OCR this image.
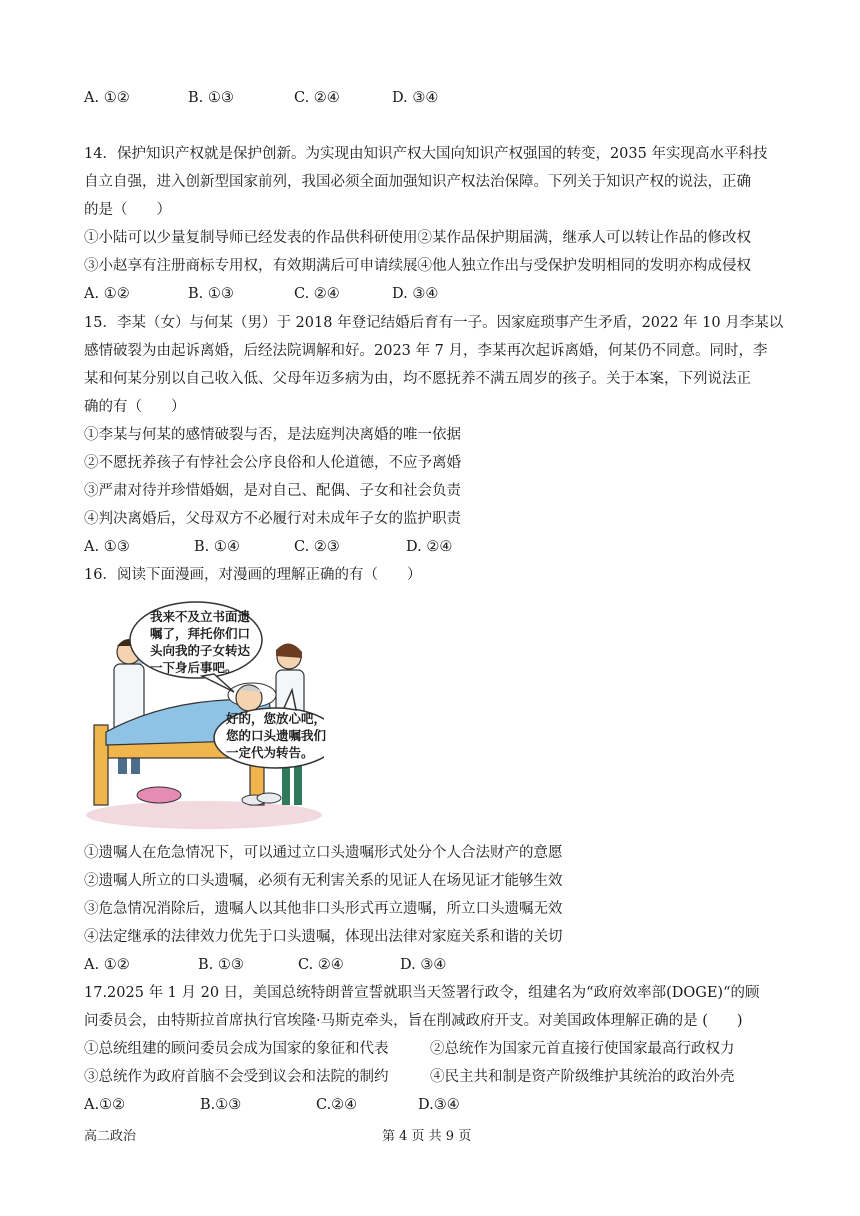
A. ①②	B. ①③	C. ②④	D. ③④
14．保护知识产权就是保护创新。为实现由知识产权大国向知识产权强国的转变，2035 年实现高水平科技
自立自强，进入创新型国家前列，我国必须全面加强知识产权法治保障。下列关于知识产权的说法，正确
的是（　　）
①小陆可以少量复制导师已经发表的作品供科研使用②某作品保护期届满，继承人可以转让作品的修改权
③小赵享有注册商标专用权，有效期满后可申请续展④他人独立作出与受保护发明相同的发明亦构成侵权
A. ①②	B. ①③	C. ②④	D. ③④
15．李某（女）与何某（男）于 2018 年登记结婚后育有一子。因家庭琐事产生矛盾，2022 年 10 月李某以
感情破裂为由起诉离婚，后经法院调解和好。2023 年 7 月，李某再次起诉离婚，何某仍不同意。同时，李
某和何某分别以自己收入低、父母年迈多病为由，均不愿抚养不满五周岁的孩子。关于本案，下列说法正
确的有（　　）
①李某与何某的感情破裂与否，是法庭判决离婚的唯一依据
②不愿抚养孩子有悖社会公序良俗和人伦道德，不应予离婚
③严肃对待并珍惜婚姻，是对自己、配偶、子女和社会负责
④判决离婚后，父母双方不必履行对未成年子女的监护职责
A. ①③	B. ①④	C. ②③	D. ②④
16．阅读下面漫画，对漫画的理解正确的有（　　）
我来不及立书面遗
嘱了，拜托你们口
头向我的子女转达
一下身后事吧。
好的，您放心吧，
您的口头遗嘱我们
一定代为转告。
①遗嘱人在危急情况下，可以通过立口头遗嘱形式处分个人合法财产的意愿
②遗嘱人所立的口头遗嘱，必须有无利害关系的见证人在场见证才能够生效
③危急情况消除后，遗嘱人以其他非口头形式再立遗嘱，所立口头遗嘱无效
④法定继承的法律效力优先于口头遗嘱，体现出法律对家庭关系和谐的关切
A. ①②	B. ①③	C. ②④	D. ③④
17.2025 年 1 月 20 日，美国总统特朗普宣誓就职当天签署行政令，组建名为“政府效率部(DOGE)“的顾
问委员会，由特斯拉首席执行官埃隆·马斯克牵头，旨在削减政府开支。对美国政体理解正确的是 (　　)
①总统组建的顾问委员会成为国家的象征和代表	②总统作为国家元首直接行使国家最高行政权力
③总统作为政府首脑不会受到议会和法院的制约	④民主共和制是资产阶级维护其统治的政治外壳
A.①②	B.①③	C.②④	D.③④
高二政治	第 4 页 共 9 页
